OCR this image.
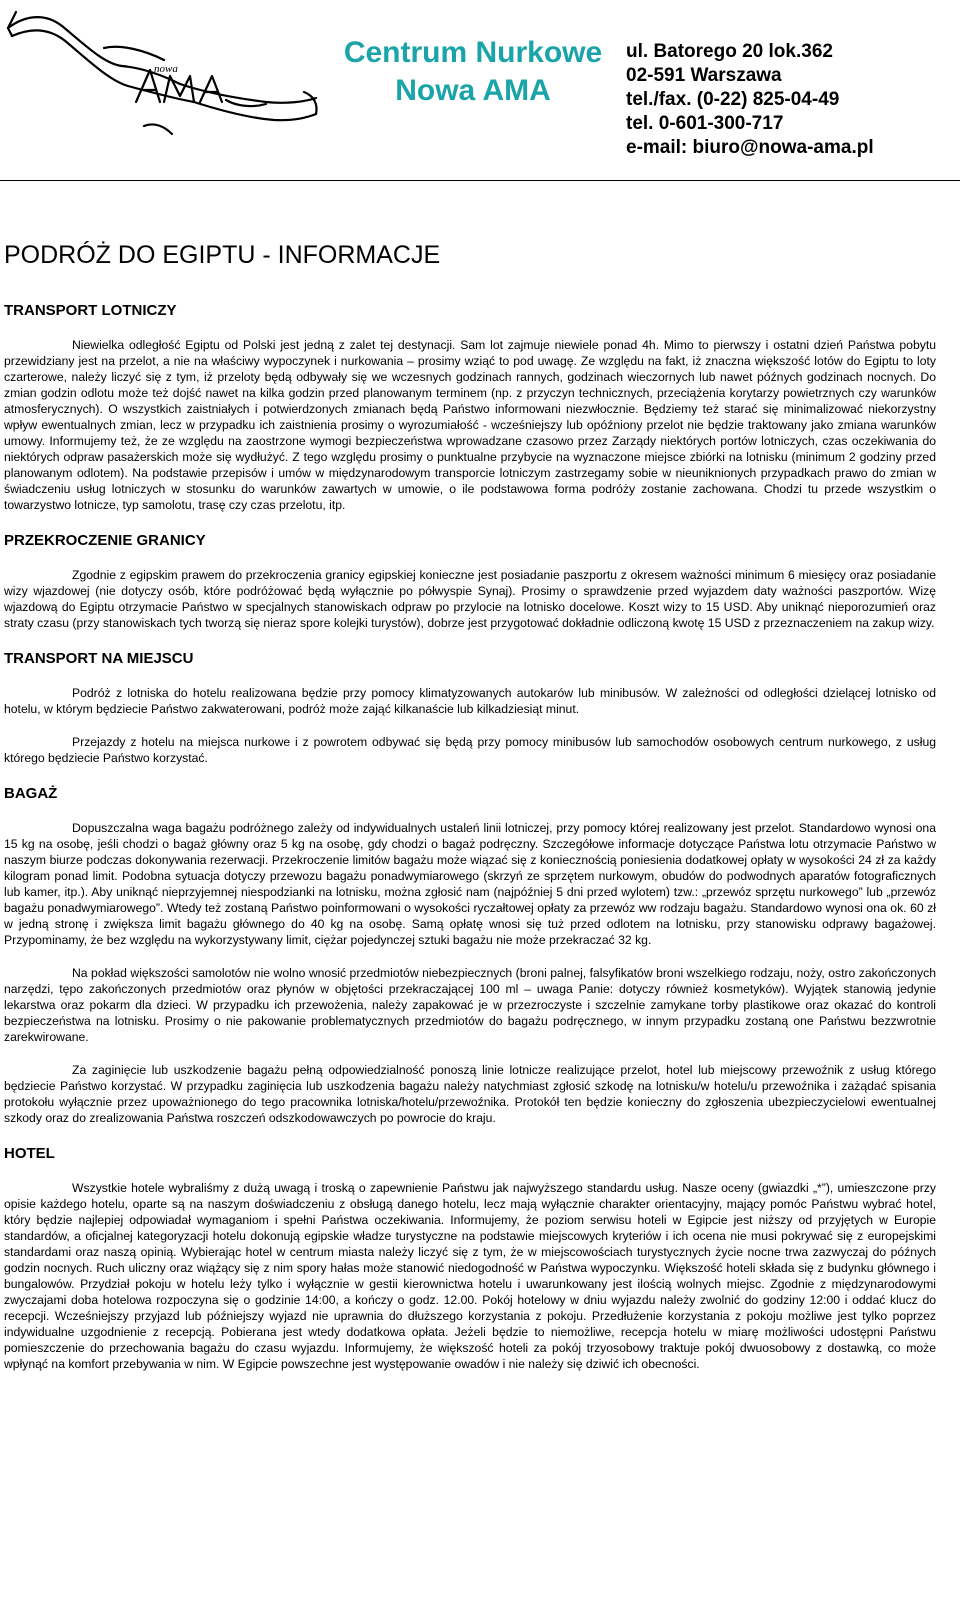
nowa	Centrum Nurkowe
Nowa AMA
ul. Batorego 20 lok.362
02-591 Warszawa
tel./fax. (0-22) 825-04-49
tel. 0-601-300-717
e-mail: biuro@nowa-ama.pl
PODRÓŻ DO EGIPTU - INFORMACJE
TRANSPORT LOTNICZY

Niewielka odległość Egiptu od Polski jest jedną z zalet tej destynacji. Sam lot zajmuje niewiele ponad 4h. Mimo to pierwszy i ostatni dzień Państwa pobytu przewidziany jest na przelot, a nie na właściwy wypoczynek i nurkowania – prosimy wziąć to pod uwagę. Ze względu na fakt, iż znaczna większość lotów do Egiptu to loty czarterowe, należy liczyć się z tym, iż przeloty będą odbywały się we wczesnych godzinach rannych, godzinach wieczornych lub nawet późnych godzinach nocnych. Do zmian godzin odlotu może też dojść nawet na kilka godzin przed planowanym terminem (np. z przyczyn technicznych, przeciążenia korytarzy powietrznych czy warunków atmosferycznych). O wszystkich zaistniałych i potwierdzonych zmianach będą Państwo informowani niezwłocznie. Będziemy też starać się minimalizować niekorzystny wpływ ewentualnych zmian, lecz w przypadku ich zaistnienia prosimy o wyrozumiałość - wcześniejszy lub opóźniony przelot nie będzie traktowany jako zmiana warunków umowy. Informujemy też, że ze względu na zaostrzone wymogi bezpieczeństwa wprowadzane czasowo przez Zarządy niektórych portów lotniczych, czas oczekiwania do niektórych odpraw pasażerskich może się wydłużyć. Z tego względu prosimy o punktualne przybycie na wyznaczone miejsce zbiórki na lotnisku (minimum 2 godziny przed planowanym odlotem). Na podstawie przepisów i umów w międzynarodowym transporcie lotniczym zastrzegamy sobie w nieuniknionych przypadkach prawo do zmian w świadczeniu usług lotniczych w stosunku do warunków zawartych w umowie, o ile podstawowa forma podróży zostanie zachowana. Chodzi tu przede wszystkim o towarzystwo lotnicze, typ samolotu, trasę czy czas przelotu, itp.

PRZEKROCZENIE GRANICY

Zgodnie z egipskim prawem do przekroczenia granicy egipskiej konieczne jest posiadanie paszportu z okresem ważności minimum 6 miesięcy oraz posiadanie wizy wjazdowej (nie dotyczy osób, które podróżować będą wyłącznie po półwyspie Synaj). Prosimy o sprawdzenie przed wyjazdem daty ważności paszportów. Wizę wjazdową do Egiptu otrzymacie Państwo w specjalnych stanowiskach odpraw po przylocie na lotnisko docelowe. Koszt wizy to 15 USD. Aby uniknąć nieporozumień oraz straty czasu (przy stanowiskach tych tworzą się nieraz spore kolejki turystów), dobrze jest przygotować dokładnie odliczoną kwotę 15 USD z przeznaczeniem na zakup wizy.

TRANSPORT NA MIEJSCU

Podróż z lotniska do hotelu realizowana będzie przy pomocy klimatyzowanych autokarów lub minibusów. W zależności od odległości dzielącej lotnisko od hotelu, w którym będziecie Państwo zakwaterowani, podróż może zająć kilkanaście lub kilkadziesiąt minut.

Przejazdy z hotelu na miejsca nurkowe i z powrotem odbywać się będą przy pomocy minibusów lub samochodów osobowych centrum nurkowego, z usług którego będziecie Państwo korzystać.

BAGAŻ

Dopuszczalna waga bagażu podróżnego zależy od indywidualnych ustaleń linii lotniczej, przy pomocy której realizowany jest przelot. Standardowo wynosi ona 15 kg na osobę, jeśli chodzi o bagaż główny oraz 5 kg na osobę, gdy chodzi o bagaż podręczny. Szczegółowe informacje dotyczące Państwa lotu otrzymacie Państwo w naszym biurze podczas dokonywania rezerwacji. Przekroczenie limitów bagażu może wiązać się z koniecznością poniesienia dodatkowej opłaty w wysokości 24 zł za każdy kilogram ponad limit. Podobna sytuacja dotyczy przewozu bagażu ponadwymiarowego (skrzyń ze sprzętem nurkowym, obudów do podwodnych aparatów fotograficznych lub kamer, itp.). Aby uniknąć nieprzyjemnej niespodzianki na lotnisku, można zgłosić nam (najpóźniej 5 dni przed wylotem) tzw.: „przewóz sprzętu nurkowego” lub „przewóz bagażu ponadwymiarowego”. Wtedy też zostaną Państwo poinformowani o wysokości ryczałtowej opłaty za przewóz ww rodzaju bagażu. Standardowo wynosi ona ok. 60 zł w jedną stronę i zwiększa limit bagażu głównego do 40 kg na osobę. Samą opłatę wnosi się tuż przed odlotem na lotnisku, przy stanowisku odprawy bagażowej. Przypominamy, że bez względu na wykorzystywany limit, ciężar pojedynczej sztuki bagażu nie może przekraczać 32 kg.

Na pokład większości samolotów nie wolno wnosić przedmiotów niebezpiecznych (broni palnej, falsyfikatów broni wszelkiego rodzaju, noży, ostro zakończonych narzędzi, tępo zakończonych przedmiotów oraz płynów w objętości przekraczającej 100 ml – uwaga Panie: dotyczy również kosmetyków). Wyjątek stanowią jedynie lekarstwa oraz pokarm dla dzieci. W przypadku ich przewożenia, należy zapakować je w przezroczyste i szczelnie zamykane torby plastikowe oraz okazać do kontroli bezpieczeństwa na lotnisku. Prosimy o nie pakowanie problematycznych przedmiotów do bagażu podręcznego, w innym przypadku zostaną one Państwu bezzwrotnie zarekwirowane.

Za zaginięcie lub uszkodzenie bagażu pełną odpowiedzialność ponoszą linie lotnicze realizujące przelot, hotel lub miejscowy przewoźnik z usług którego będziecie Państwo korzystać. W przypadku zaginięcia lub uszkodzenia bagażu należy natychmiast zgłosić szkodę na lotnisku/w hotelu/u przewoźnika i zażądać spisania protokołu wyłącznie przez upoważnionego do tego pracownika lotniska/hotelu/przewoźnika. Protokół ten będzie konieczny do zgłoszenia ubezpieczycielowi ewentualnej szkody oraz do zrealizowania Państwa roszczeń odszkodowawczych po powrocie do kraju.

HOTEL

Wszystkie hotele wybraliśmy z dużą uwagą i troską o zapewnienie Państwu jak najwyższego standardu usług. Nasze oceny (gwiazdki „*”), umieszczone przy opisie każdego hotelu, oparte są na naszym doświadczeniu z obsługą danego hotelu, lecz mają wyłącznie charakter orientacyjny, mający pomóc Państwu wybrać hotel, który będzie najlepiej odpowiadał wymaganiom i spełni Państwa oczekiwania. Informujemy, że poziom serwisu hoteli w Egipcie jest niższy od przyjętych w Europie standardów, a oficjalnej kategoryzacji hotelu dokonują egipskie władze turystyczne na podstawie miejscowych kryteriów i ich ocena nie musi pokrywać się z europejskimi standardami oraz naszą opinią. Wybierając hotel w centrum miasta należy liczyć się z tym, że w miejscowościach turystycznych życie nocne trwa zazwyczaj do późnych godzin nocnych. Ruch uliczny oraz wiążący się z nim spory hałas może stanowić niedogodność w Państwa wypoczynku. Większość hoteli składa się z budynku głównego i bungalowów. Przydział pokoju w hotelu leży tylko i wyłącznie w gestii kierownictwa hotelu i uwarunkowany jest ilością wolnych miejsc. Zgodnie z międzynarodowymi zwyczajami doba hotelowa rozpoczyna się o godzinie 14:00, a kończy o godz. 12.00. Pokój hotelowy w dniu wyjazdu należy zwolnić do godziny 12:00 i oddać klucz do recepcji. Wcześniejszy przyjazd lub późniejszy wyjazd nie uprawnia do dłuższego korzystania z pokoju. Przedłużenie korzystania z pokoju możliwe jest tylko poprzez indywidualne uzgodnienie z recepcją. Pobierana jest wtedy dodatkowa opłata. Jeżeli będzie to niemożliwe, recepcja hotelu w miarę możliwości udostępni Państwu pomieszczenie do przechowania bagażu do czasu wyjazdu. Informujemy, że większość hoteli za pokój trzyosobowy traktuje pokój dwuosobowy z dostawką, co może wpłynąć na komfort przebywania w nim. W Egipcie powszechne jest występowanie owadów i nie należy się dziwić ich obecności.
